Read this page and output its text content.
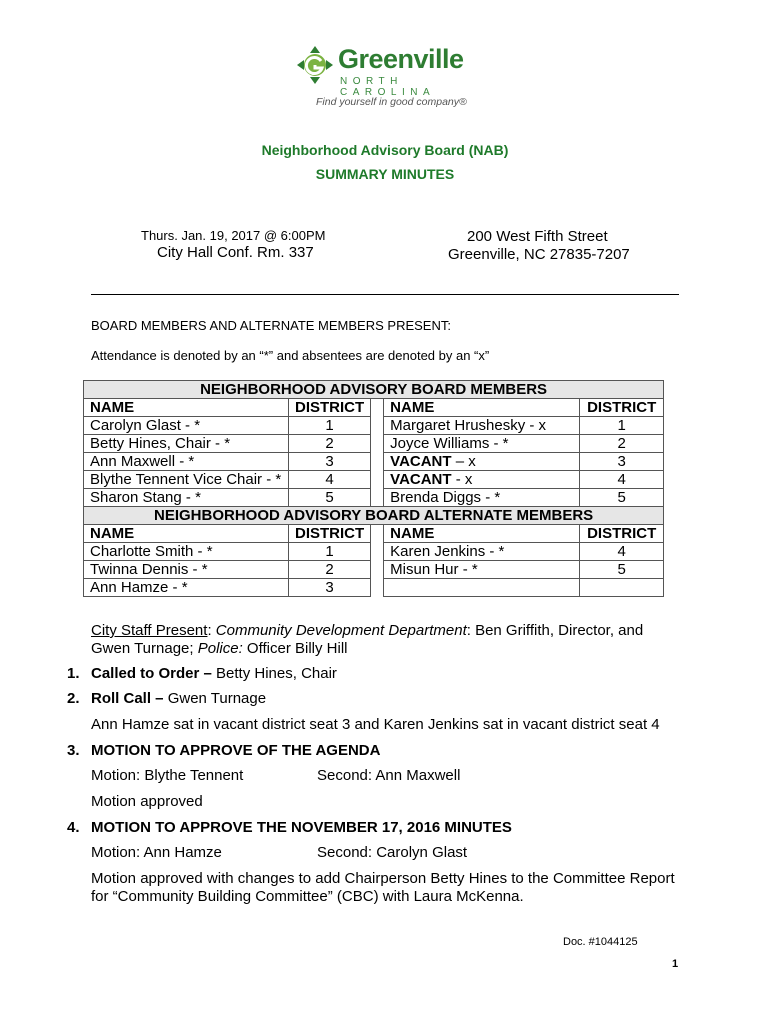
Greenville
NORTH CAROLINA
Find yourself in good company®
Neighborhood Advisory Board (NAB)
SUMMARY MINUTES
Thurs. Jan. 19, 2017 @ 6:00PM
City Hall Conf. Rm. 337
200 West Fifth Street
Greenville, NC 27835-7207
BOARD MEMBERS AND ALTERNATE MEMBERS PRESENT:
Attendance is denoted by an “*” and absentees are denoted by an “x”
NEIGHBORHOOD ADVISORY BOARD MEMBERS				
NAME	DISTRICT		NAME	DISTRICT
Carolyn Glast - *	1		Margaret Hrushesky - x	1
Betty Hines, Chair - *	2		Joyce Williams - *	2
Ann Maxwell - *	3		VACANT – x	3
Blythe Tennent Vice Chair - *	4		VACANT - x	4
Sharon Stang - *	5		Brenda Diggs - *	5
NEIGHBORHOOD ADVISORY BOARD ALTERNATE MEMBERS				
NAME	DISTRICT		NAME	DISTRICT
Charlotte Smith - *	1		Karen Jenkins - *	4
Twinna Dennis - *	2		Misun Hur - *	5
Ann Hamze - *	3			
City Staff Present: Community Development Department: Ben Griffith, Director, and
Gwen Turnage; Police: Officer Billy Hill
1. Called to Order – Betty Hines, Chair
2. Roll Call – Gwen Turnage
Ann Hamze sat in vacant district seat 3 and Karen Jenkins sat in vacant district seat 4
3. MOTION TO APPROVE OF THE AGENDA
Motion: Blythe Tennent	Second: Ann Maxwell
Motion approved
4. MOTION TO APPROVE THE NOVEMBER 17, 2016 MINUTES
Motion: Ann Hamze	Second: Carolyn Glast
Motion approved with changes to add Chairperson Betty Hines to the Committee Report
for “Community Building Committee” (CBC) with Laura McKenna.
Doc. #1044125
1
